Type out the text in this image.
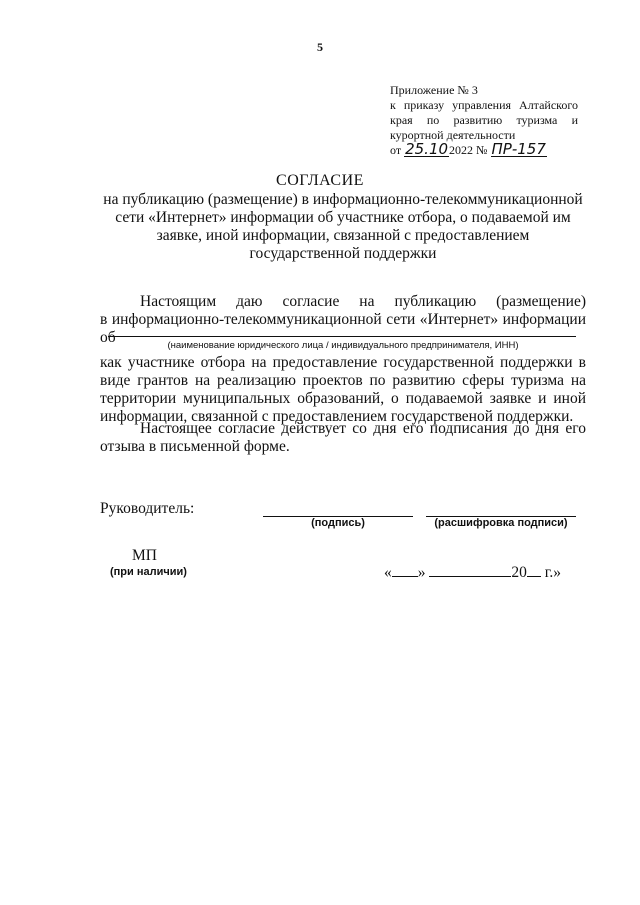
5
Приложение № 3
к приказу управления Алтайского
края по развитию туризма и
курортной деятельности
от
25.10 2022 №
ПР-157
СОГЛАСИЕ
на публикацию (размещение) в информационно-телекоммуникационной сети «Интернет» информации об участнике отбора, о подаваемой им заявке, иной информации, связанной с предоставлением государственной поддержки
Настоящим даю согласие на публикацию (размещение)
в информационно-телекоммуникационной сети «Интернет» информации об	(наименование юридического лица / индивидуального предпринимателя, ИНН)
как участнике отбора на предоставление государственной поддержки в виде грантов на реализацию проектов по развитию сферы туризма на территории муниципальных образований, о подаваемой заявке и иной информации, связанной с предоставлением государственой поддержки.
Настоящее согласие действует со дня его подписания до дня его отзыва в письменной форме.
Руководитель:
(подпись)	(расшифровка подписи)
МП
(при наличии)	« »
	20
г.»
